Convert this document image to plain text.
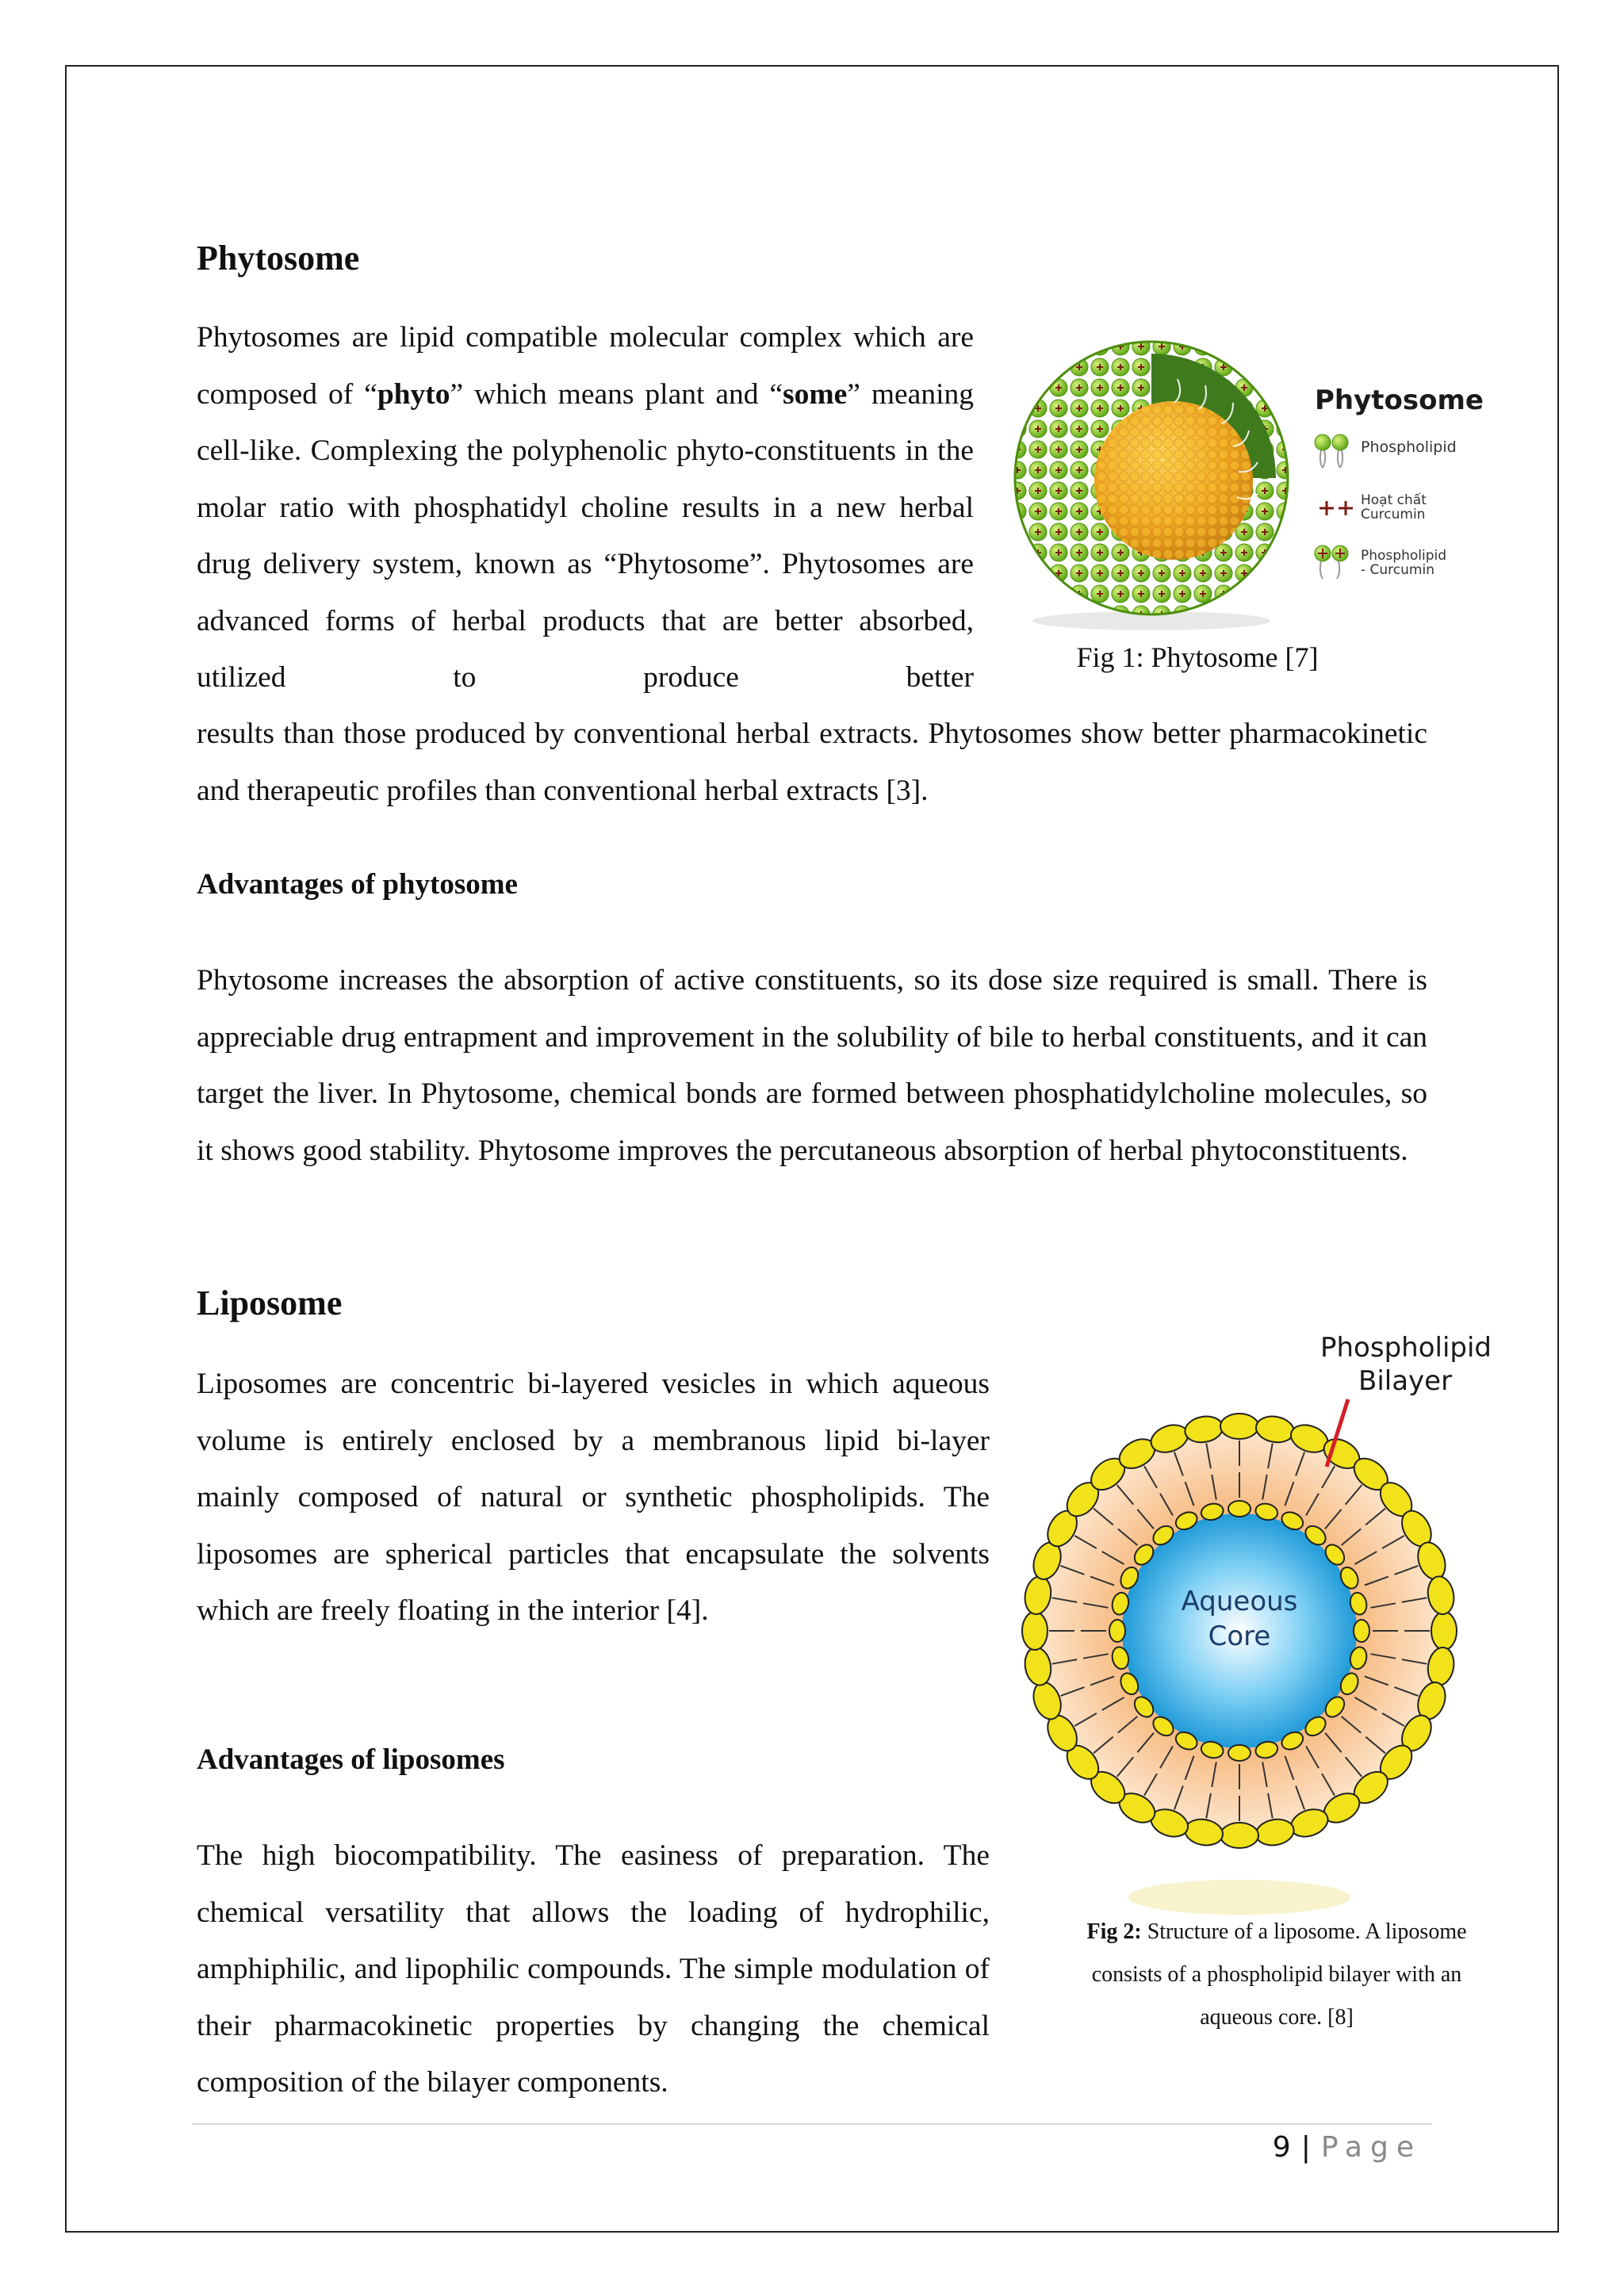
Phytosome

Phytosomes are lipid compatible molecular complex which are composed of “phyto” which means plant and “some” meaning cell-like. Complexing the polyphenolic phyto-constituents in the molar ratio with phosphatidyl choline results in a new herbal drug delivery system, known as “Phytosome”. Phytosomes are advanced forms of herbal products that are better absorbed, utilized to produce better

results than those produced by conventional herbal extracts. Phytosomes show better pharmacokinetic and therapeutic profiles than conventional herbal extracts [3].

Phytosome
Phospholipid
Hoạt chất
Curcumin
Phospholipid
- Curcumin

Fig 1: Phytosome [7]

Advantages of phytosome

Phytosome increases the absorption of active constituents, so its dose size required is small. There is appreciable drug entrapment and improvement in the solubility of bile to herbal constituents, and it can target the liver. In Phytosome, chemical bonds are formed between phosphatidylcholine molecules, so it shows good stability. Phytosome improves the percutaneous absorption of herbal phytoconstituents.

Liposome

Liposomes are concentric bi-layered vesicles in which aqueous volume is entirely enclosed by a membranous lipid bi-layer mainly composed of natural or synthetic phospholipids. The liposomes are spherical particles that encapsulate the solvents which are freely floating in the interior [4].

Phospholipid
Bilayer
Aqueous
Core

Fig 2: Structure of a liposome. A liposome consists of a phospholipid bilayer with an aqueous core. [8]

Advantages of liposomes

The high biocompatibility. The easiness of preparation. The chemical versatility that allows the loading of hydrophilic, amphiphilic, and lipophilic compounds. The simple modulation of their pharmacokinetic properties by changing the chemical composition of the bilayer components.

9 | Page
